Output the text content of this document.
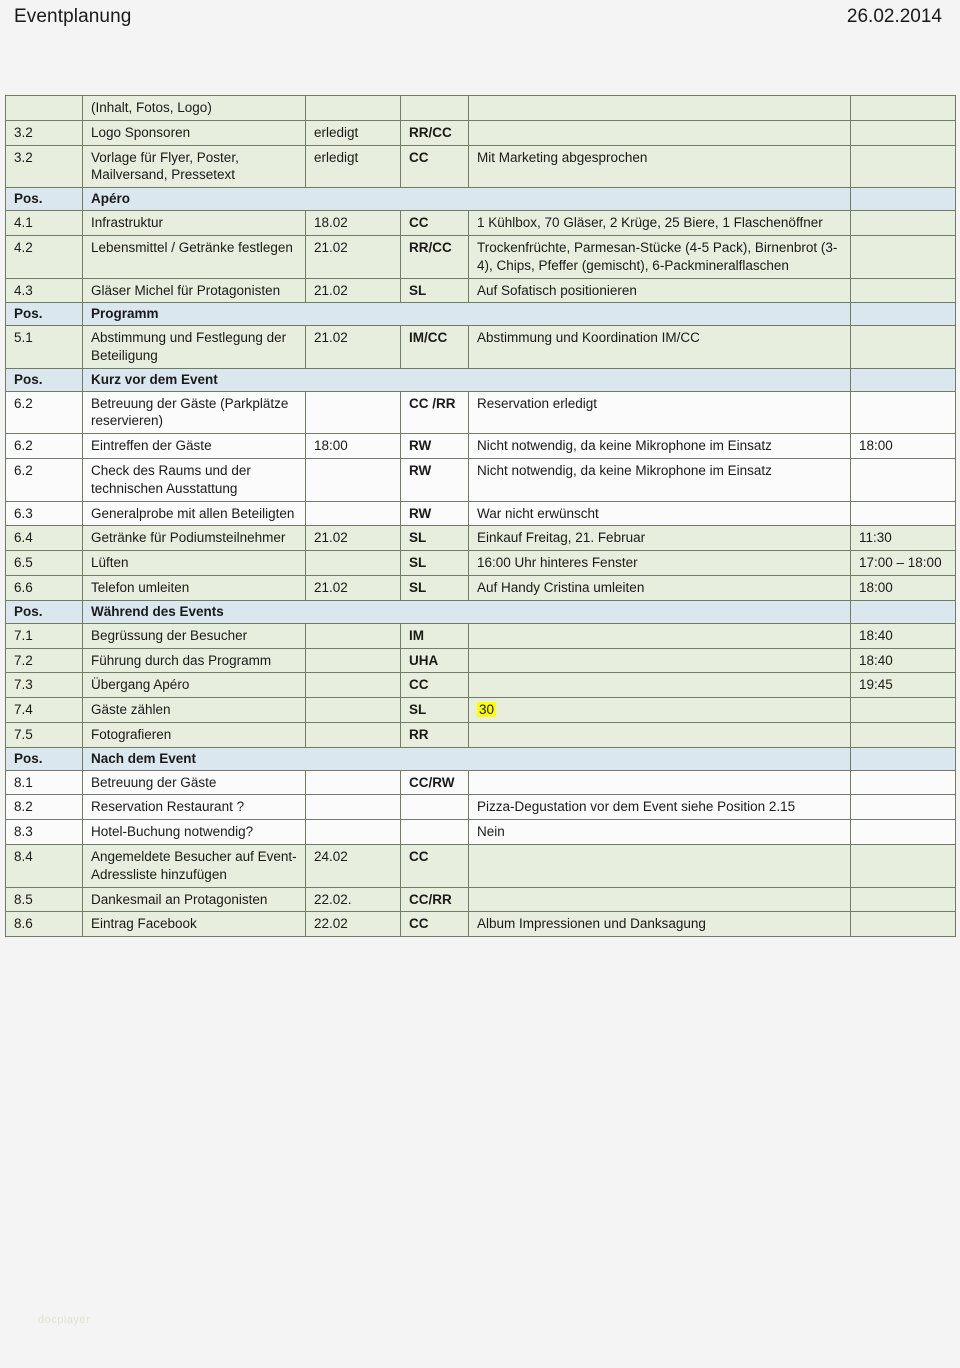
Eventplanung	26.02.2014
	(Inhalt, Fotos, Logo)				
3.2	Logo Sponsoren	erledigt	RR/CC		
3.2	Vorlage für Flyer, Poster, Mailversand, Pressetext	erledigt	CC	Mit Marketing abgesprochen	
Pos.	Apéro				
4.1	Infrastruktur	18.02	CC	1 Kühlbox, 70 Gläser, 2 Krüge, 25 Biere, 1 Flaschenöffner	
4.2	Lebensmittel / Getränke festlegen	21.02	RR/CC	Trockenfrüchte, Parmesan-Stücke (4-5 Pack), Birnenbrot (3-4), Chips, Pfeffer (gemischt), 6-Packmineralflaschen	
4.3	Gläser Michel für Protagonisten	21.02	SL	Auf Sofatisch positionieren	
Pos.	Programm				
5.1	Abstimmung und Festlegung der Beteiligung	21.02	IM/CC	Abstimmung und Koordination IM/CC	
Pos.	Kurz vor dem Event				
6.2	Betreuung der Gäste (Parkplätze reservieren)		CC /RR	Reservation erledigt	
6.2	Eintreffen der Gäste	18:00	RW	Nicht notwendig, da keine Mikrophone im Einsatz	18:00
6.2	Check des Raums und der technischen Ausstattung		RW	Nicht notwendig, da keine Mikrophone im Einsatz	
6.3	Generalprobe mit allen Beteiligten		RW	War nicht erwünscht	
6.4	Getränke für Podiumsteilnehmer	21.02	SL	Einkauf Freitag, 21. Februar	11:30
6.5	Lüften		SL	16:00 Uhr hinteres Fenster	17:00 – 18:00
6.6	Telefon umleiten	21.02	SL	Auf Handy Cristina umleiten	18:00
Pos.	Während des Events				
7.1	Begrüssung der Besucher		IM		18:40
7.2	Führung durch das Programm		UHA		18:40
7.3	Übergang Apéro		CC		19:45
7.4	Gäste zählen		SL	30	
7.5	Fotografieren		RR		
Pos.	Nach dem Event				
8.1	Betreuung der Gäste		CC/RW		
8.2	Reservation Restaurant ?			Pizza-Degustation vor dem Event siehe Position 2.15	
8.3	Hotel-Buchung notwendig?			Nein	
8.4	Angemeldete Besucher auf Event- Adressliste hinzufügen	24.02	CC		
8.5	Dankesmail an Protagonisten	22.02.	CC/RR		
8.6	Eintrag Facebook	22.02	CC	Album Impressionen und Danksagung	
docplayer
